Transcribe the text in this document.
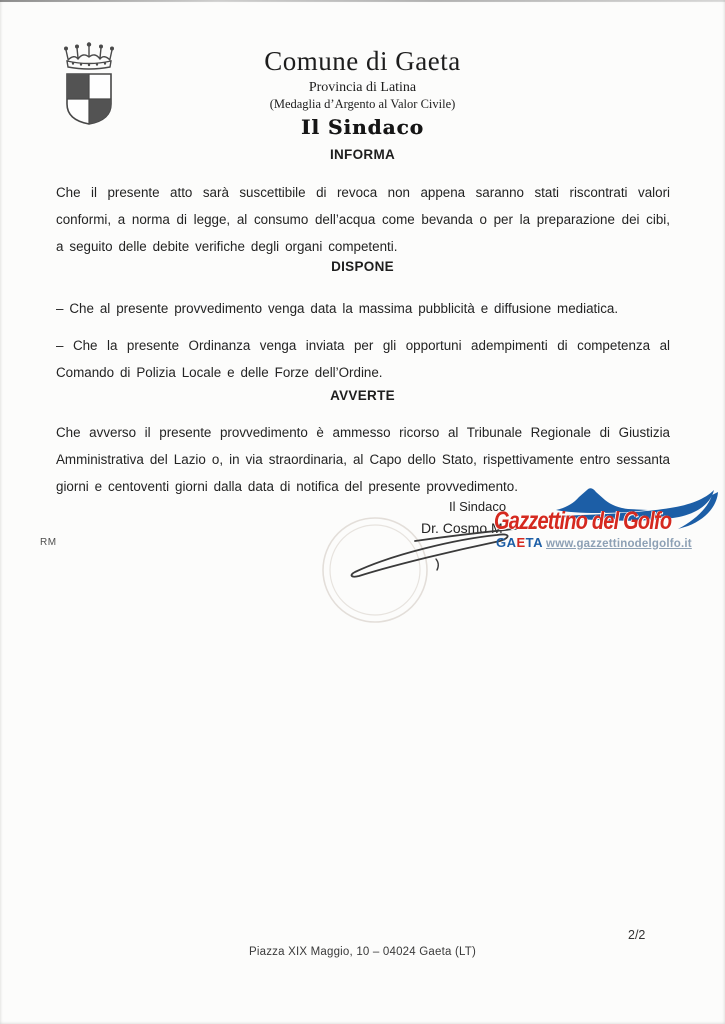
Comune di Gaeta
Provincia di Latina
(Medaglia d’Argento al Valor Civile)
Il Sindaco
INFORMA
Che il presente atto sarà suscettibile di revoca non appena saranno stati riscontrati valori conformi, a norma di legge, al consumo dell’acqua come bevanda o per la preparazione dei cibi, a seguito delle debite verifiche degli organi competenti.
DISPONE
– Che al presente provvedimento venga data la massima pubblicità e diffusione mediatica.
– Che la presente Ordinanza venga inviata per gli opportuni adempimenti di competenza al Comando di Polizia Locale e delle Forze dell’Ordine.
AVVERTE
Che avverso il presente provvedimento è ammesso ricorso al Tribunale Regionale di Giustizia Amministrativa del Lazio o, in via straordinaria, al Capo dello Stato, rispettivamente entro sessanta giorni e centoventi giorni dalla data di notifica del presente provvedimento.
Il Sindaco
Dr. Cosmo M
RM
Gazzettino del Golfo
GAETA www.gazzettinodelgolfo.it
2/2
Piazza XIX Maggio, 10 – 04024 Gaeta (LT)
